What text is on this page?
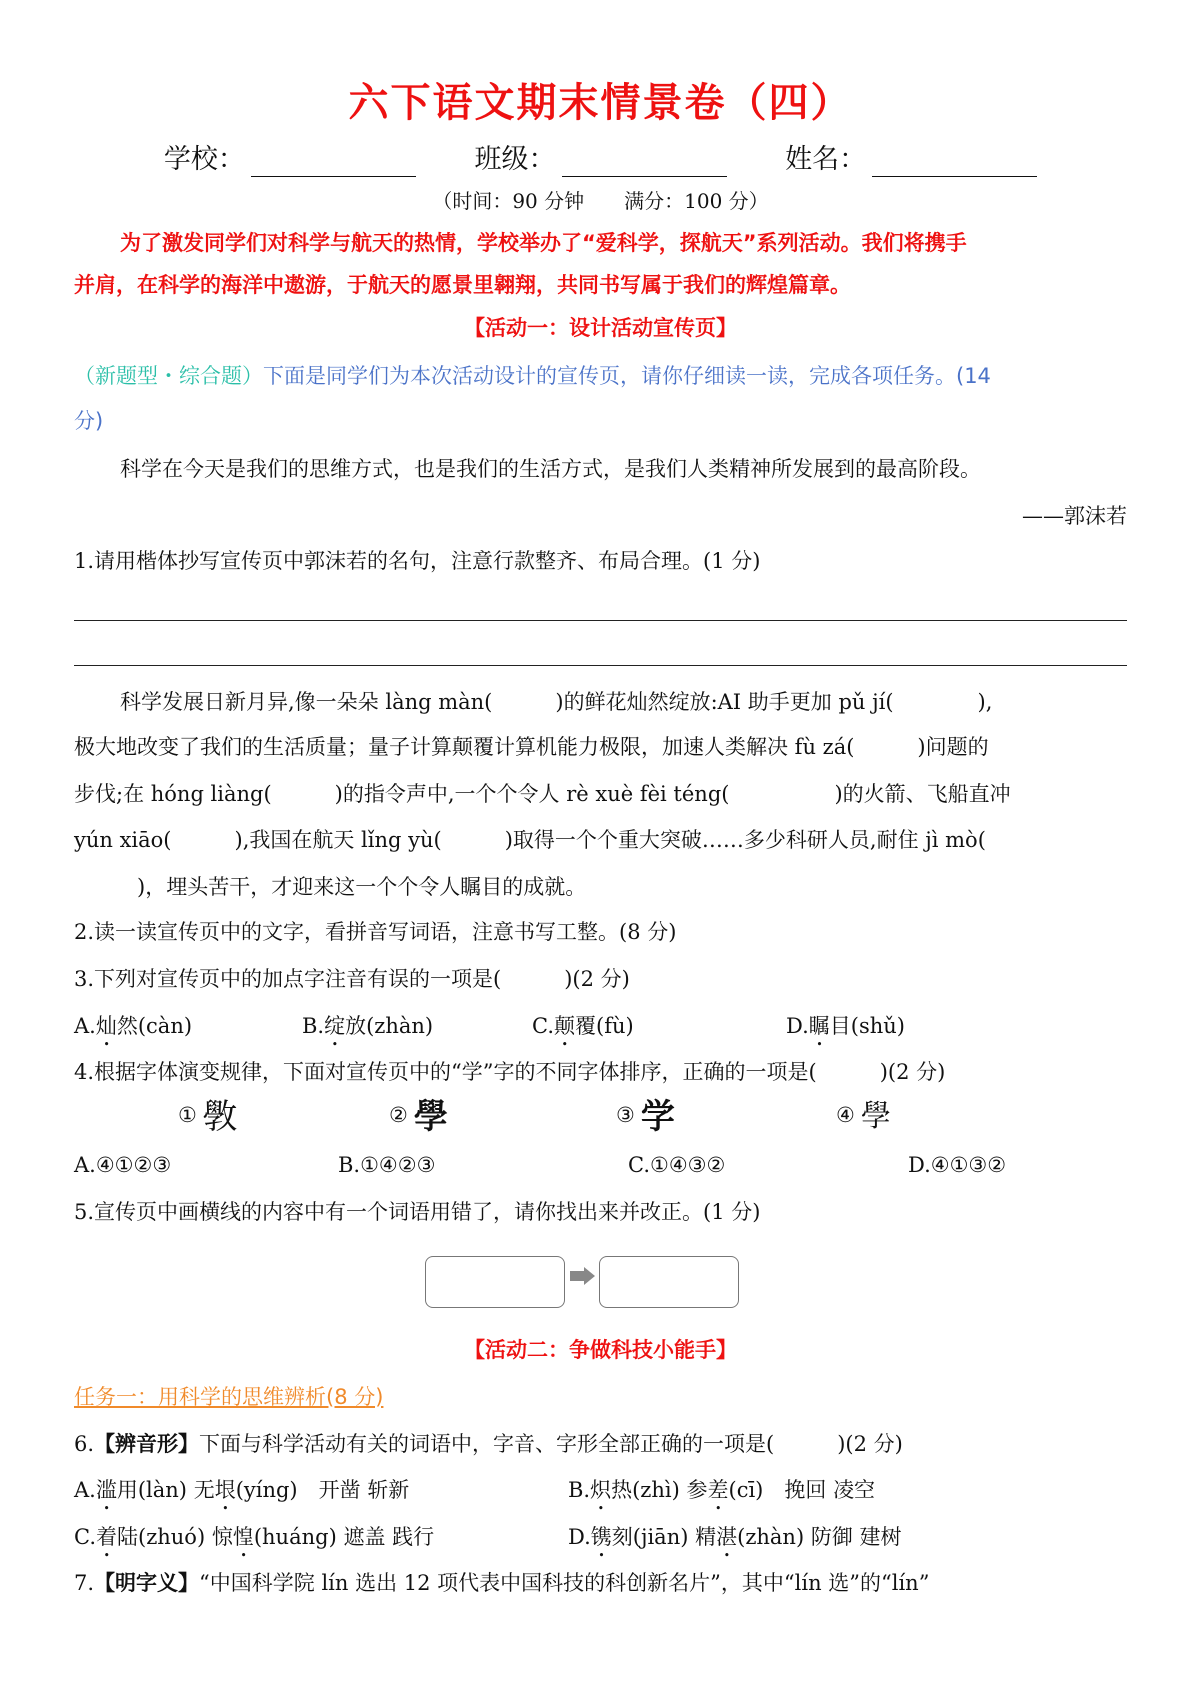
六下语文期末情景卷（四）
学校：	班级：	姓名：
（时间：90 分钟　　满分：100 分）
为了激发同学们对科学与航天的热情，学校举办了“爱科学，探航天”系列活动。我们将携手
并肩，在科学的海洋中遨游，于航天的愿景里翱翔，共同书写属于我们的辉煌篇章。
【活动一：设计活动宣传页】
（新题型・综合题）下面是同学们为本次活动设计的宣传页，请你仔细读一读，完成各项任务。(14
分)
科学在今天是我们的思维方式，也是我们的生活方式，是我们人类精神所发展到的最高阶段。
——郭沫若
1.请用楷体抄写宣传页中郭沫若的名句，注意行款整齐、布局合理。(1 分)
科学发展日新月异,像一朵朵 làng màn(　　　)的鲜花灿然绽放:AI 助手更加 pǔ jí(　　　　),
极大地改变了我们的生活质量；量子计算颠覆计算机能力极限，加速人类解决 fù zá(　　　)问题的
步伐;在 hóng liàng(　　　)的指令声中,一个个令人 rè xuè fèi téng(　　　　　)的火箭、飞船直冲
yún xiāo(　　　),我国在航天 lǐng yù(　　　)取得一个个重大突破……多少科研人员,耐住 jì mò(
　　　)，埋头苦干，才迎来这一个个令人瞩目的成就。
2.读一读宣传页中的文字，看拼音写词语，注意书写工整。(8 分)
3.下列对宣传页中的加点字注音有误的一项是(　　　)(2 分)
A.灿然(càn)	B.绽放(zhàn)	C.颠覆(fù)	D.瞩目(shǔ)
4.根据字体演变规律，下面对宣传页中的“学”字的不同字体排序，正确的一项是(　　　)(2 分)
① 斆	② 學	③ 学	④ 學
A.④①②③	B.①④②③	C.①④③②	D.④①③②
5.宣传页中画横线的内容中有一个词语用错了，请你找出来并改正。(1 分)
【活动二：争做科技小能手】
任务一：用科学的思维辨析(8 分)
6.【辨音形】下面与科学活动有关的词语中，字音、字形全部正确的一项是(　　　)(2 分)
A.滥用(làn) 无垠(yíng)　 开凿 斩新	B.炽热(zhì) 参差(cī)　 挽回 凌空
C.着陆(zhuó) 惊惶(huáng) 遮盖 践行	D.镌刻(jiān) 精湛(zhàn) 防御 建树
7.【明字义】“中国科学院 lín 选出 12 项代表中国科技的科创新名片”，其中“lín 选”的“lín”
